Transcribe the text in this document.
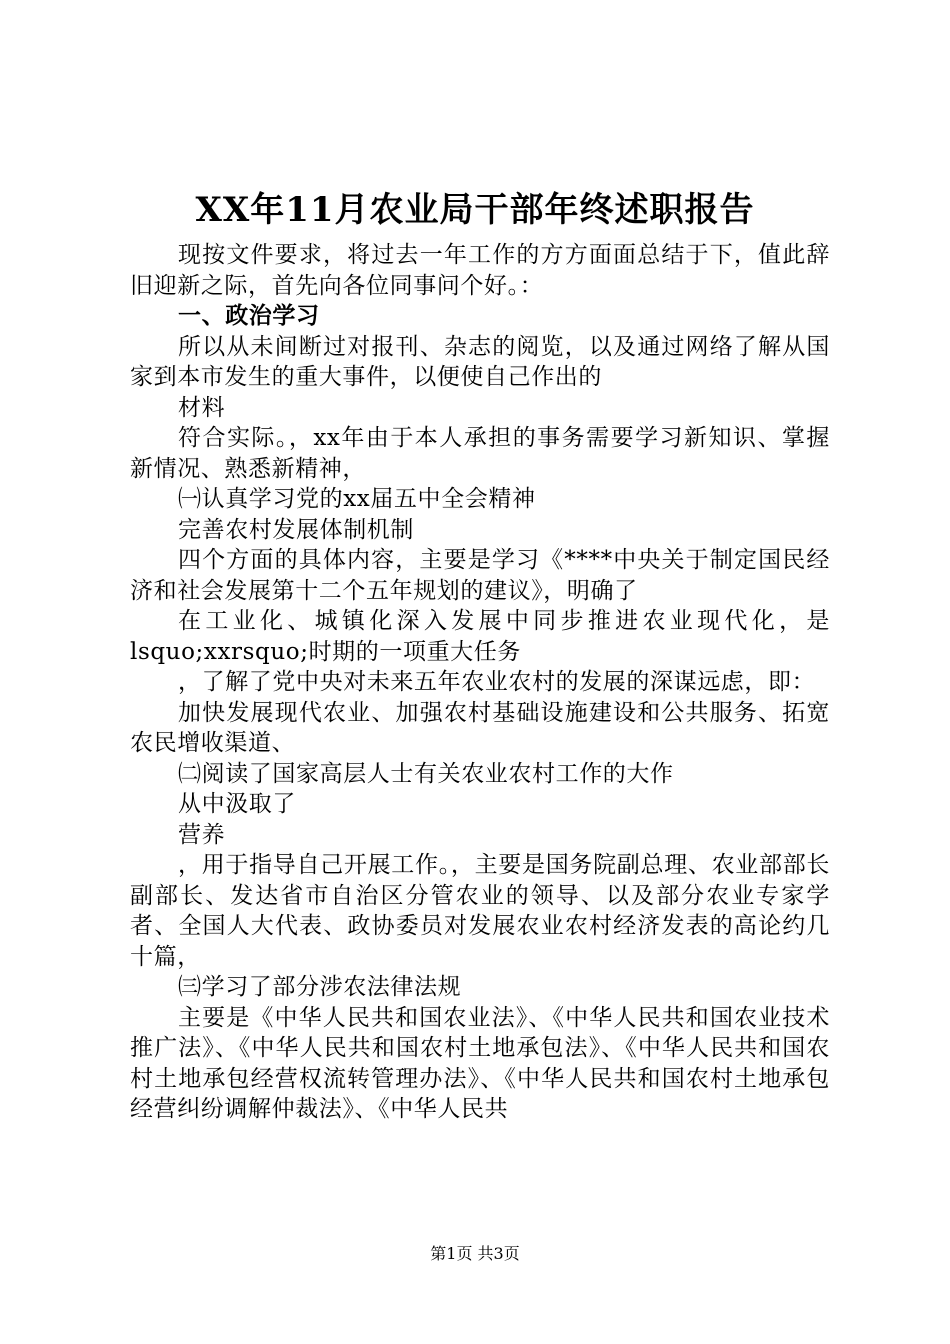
XX年11月农业局干部年终述职报告

现按文件要求，将过去一年工作的方方面面总结于下，值此辞旧迎新之际，首先向各位同事问个好。：

一、政治学习

所以从未间断过对报刊、杂志的阅览，以及通过网络了解从国家到本市发生的重大事件，以便使自己作出的

材料

符合实际。，xx年由于本人承担的事务需要学习新知识、掌握新情况、熟悉新精神，

㈠认真学习党的xx届五中全会精神

完善农村发展体制机制

四个方面的具体内容，主要是学习《****中央关于制定国民经济和社会发展第十二个五年规划的建议》，明确了

在工业化、城镇化深入发展中同步推进农业现代化，是lsquo;xxrsquo;时期的一项重大任务

，了解了党中央对未来五年农业农村的发展的深谋远虑，即：

加快发展现代农业、加强农村基础设施建设和公共服务、拓宽农民增收渠道、

㈡阅读了国家高层人士有关农业农村工作的大作

从中汲取了

营养

，用于指导自己开展工作。，主要是国务院副总理、农业部部长副部长、发达省市自治区分管农业的领导、以及部分农业专家学者、全国人大代表、政协委员对发展农业农村经济发表的高论约几十篇，

㈢学习了部分涉农法律法规

主要是《中华人民共和国农业法》、《中华人民共和国农业技术推广法》、《中华人民共和国农村土地承包法》、《中华人民共和国农村土地承包经营权流转管理办法》、《中华人民共和国农村土地承包经营纠纷调解仲裁法》、《中华人民共

第1页 共3页
